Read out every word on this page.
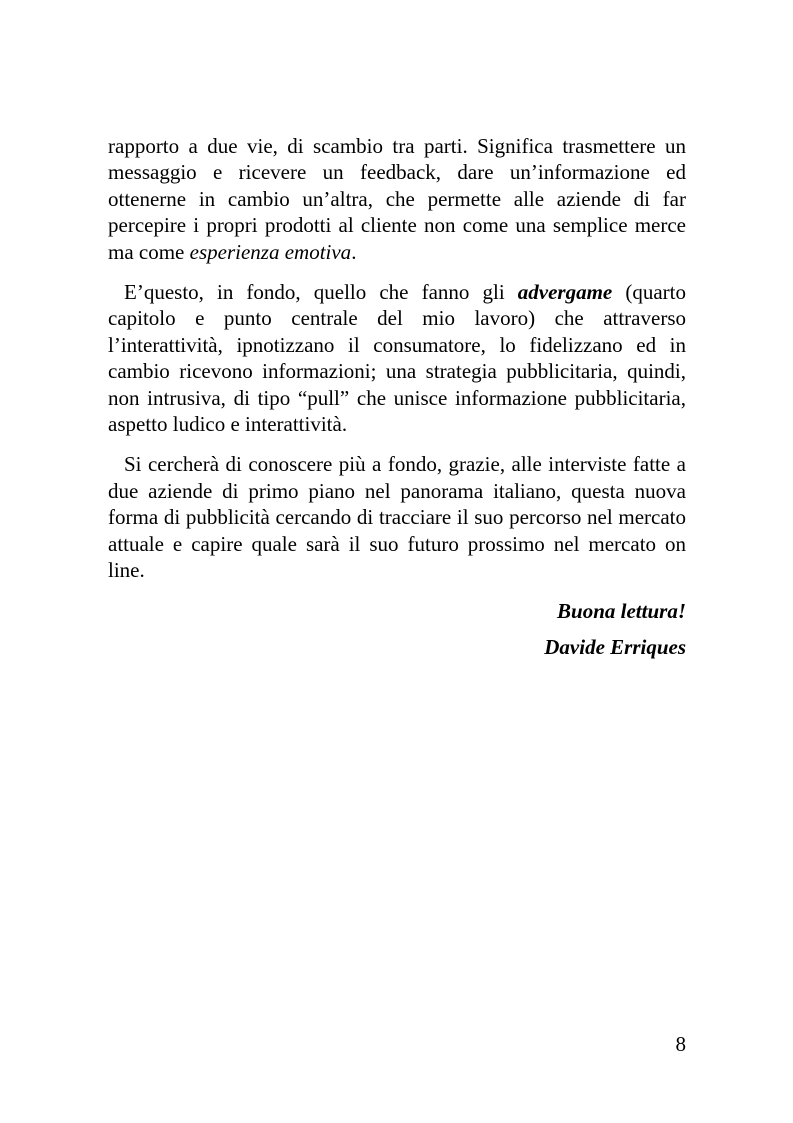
rapporto a due vie, di scambio tra parti. Significa trasmettere un messaggio e ricevere un feedback, dare un’informazione ed ottenerne in cambio un’altra, che permette alle aziende di far percepire i propri prodotti al cliente non come una semplice merce ma come esperienza emotiva.

E’questo, in fondo, quello che fanno gli advergame (quarto capitolo e punto centrale del mio lavoro) che attraverso l’interattività, ipnotizzano il consumatore, lo fidelizzano ed in cambio ricevono informazioni; una strategia pubblicitaria, quindi, non intrusiva, di tipo “pull” che unisce informazione pubblicitaria, aspetto ludico e interattività.

Si cercherà di conoscere più a fondo, grazie, alle interviste fatte a due aziende di primo piano nel panorama italiano, questa nuova forma di pubblicità cercando di tracciare il suo percorso nel mercato attuale e capire quale sarà il suo futuro prossimo nel mercato on line.

Buona lettura!

Davide Erriques

8
